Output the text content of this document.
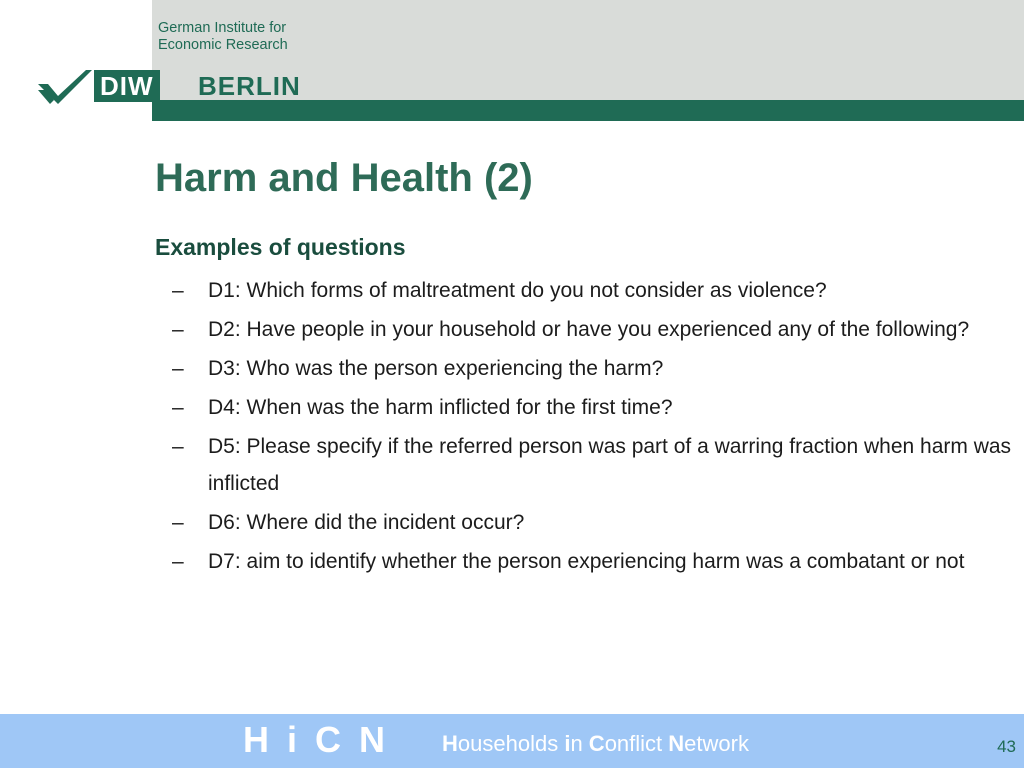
German Institute for
Economic Research
DIW BERLIN
Harm and Health (2)
Examples of questions
–	D1: Which forms of maltreatment do you not consider as violence?
–	D2: Have people in your household or have you experienced any of the following?
–	D3: Who was the person experiencing the harm?
–	D4: When was the harm inflicted for the first time?
–	D5: Please specify if the referred person was part of a warring fraction when harm was inflicted
–	D6: Where did the incident occur?
–	D7: aim to identify whether the person experiencing harm was a combatant or not
H i C N	Households in Conflict Network	43
